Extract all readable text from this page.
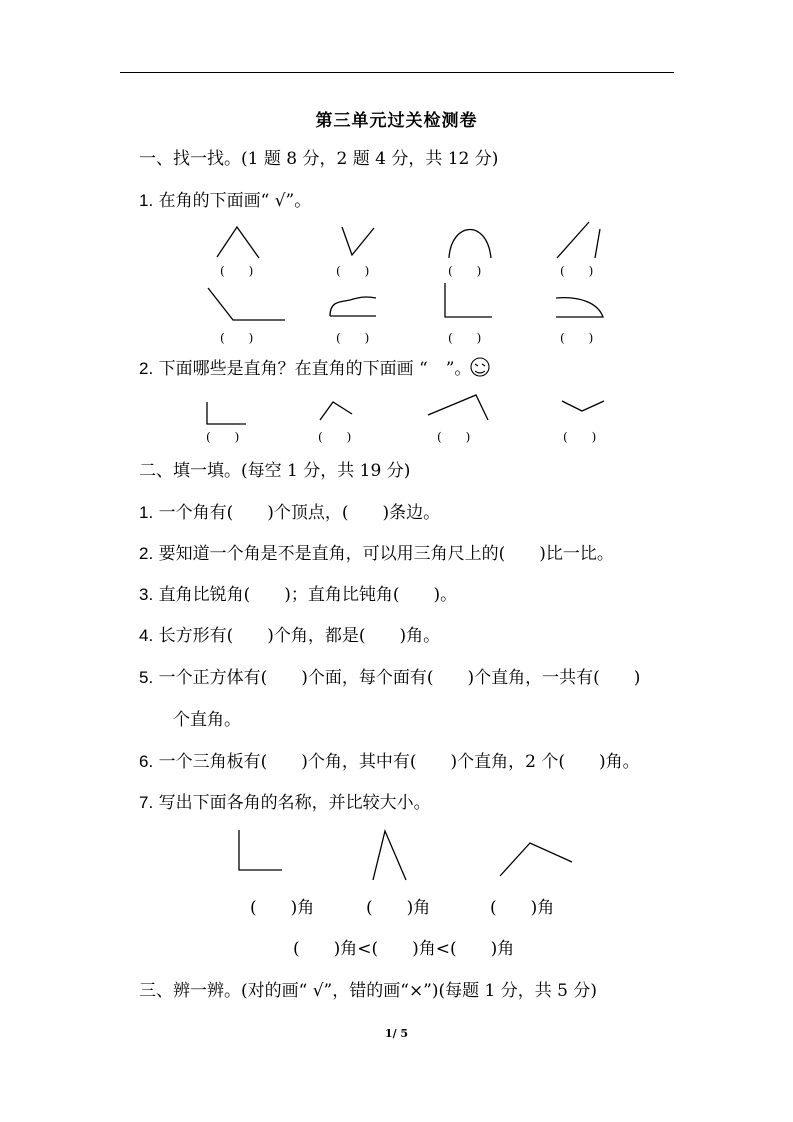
第三单元过关检测卷
一、找一找。(1 题 8 分，2 题 4 分，共 12 分)
1. 在角的下面画“ √”。
(　　)	(　　)	(　　)	(　　)
(　　)	(　　)	(　　)	(　　)
2. 下面哪些是直角？在直角的下面画 “ ”。
(　　)	(　　)	(　　)	(　　)
二、填一填。(每空 1 分，共 19 分)
1. 一个角有(　　)个顶点，(　　)条边。
2. 要知道一个角是不是直角，可以用三角尺上的(　　)比一比。
3. 直角比锐角(　　)；直角比钝角(　　)。
4. 长方形有(　　)个角，都是(　　)角。
5. 一个正方体有(　　)个面，每个面有(　　)个直角，一共有(　　)
个直角。
6. 一个三角板有(　　)个角，其中有(　　)个直角，2 个(　　)角。
7. 写出下面各角的名称，并比较大小。
(　　)角	(　　)角	(　　)角
(　　)角<(　　)角<(　　)角
三、辨一辨。(对的画“ √”，错的画“×”)(每题 1 分，共 5 分)
1/ 5
